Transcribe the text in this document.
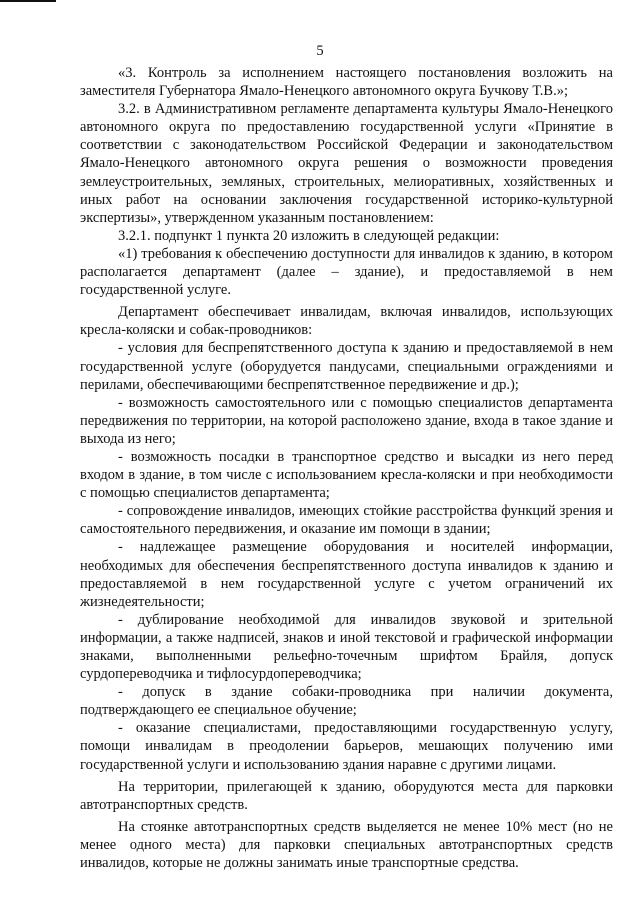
5

«3. Контроль за исполнением настоящего постановления возложить на заместителя Губернатора Ямало-Ненецкого автономного округа Бучкову Т.В.»;

3.2. в Административном регламенте департамента культуры Ямало-Ненецкого автономного округа по предоставлению государственной услуги «Принятие в соответствии с законодательством Российской Федерации и законодательством Ямало-Ненецкого автономного округа решения о возможности проведения землеустроительных, земляных, строительных, мелиоративных, хозяйственных и иных работ на основании заключения государственной историко-культурной экспертизы», утвержденном указанным постановлением:

3.2.1. подпункт 1 пункта 20 изложить в следующей редакции:

«1) требования к обеспечению доступности для инвалидов к зданию, в котором располагается департамент (далее – здание), и предоставляемой в нем государственной услуге.

Департамент обеспечивает инвалидам, включая инвалидов, использующих кресла-коляски и собак-проводников:

- условия для беспрепятственного доступа к зданию и предоставляемой в нем государственной услуге (оборудуется пандусами, специальными ограждениями и перилами, обеспечивающими беспрепятственное передвижение и др.);

- возможность самостоятельного или с помощью специалистов департамента передвижения по территории, на которой расположено здание, входа в такое здание и выхода из него;

- возможность посадки в транспортное средство и высадки из него перед входом в здание, в том числе с использованием кресла-коляски и при необходимости с помощью специалистов департамента;

- сопровождение инвалидов, имеющих стойкие расстройства функций зрения и самостоятельного передвижения, и оказание им помощи в здании;

- надлежащее размещение оборудования и носителей информации, необходимых для обеспечения беспрепятственного доступа инвалидов к зданию и предоставляемой в нем государственной услуге с учетом ограничений их жизнедеятельности;

- дублирование необходимой для инвалидов звуковой и зрительной информации, а также надписей, знаков и иной текстовой и графической информации знаками, выполненными рельефно-точечным шрифтом Брайля, допуск сурдопереводчика и тифлосурдопереводчика;

- допуск в здание собаки-проводника при наличии документа, подтверждающего ее специальное обучение;

- оказание специалистами, предоставляющими государственную услугу, помощи инвалидам в преодолении барьеров, мешающих получению ими государственной услуги и использованию здания наравне с другими лицами.

На территории, прилегающей к зданию, оборудуются места для парковки автотранспортных средств.

На стоянке автотранспортных средств выделяется не менее 10% мест (но не менее одного места) для парковки специальных автотранспортных средств инвалидов, которые не должны занимать иные транспортные средства.
